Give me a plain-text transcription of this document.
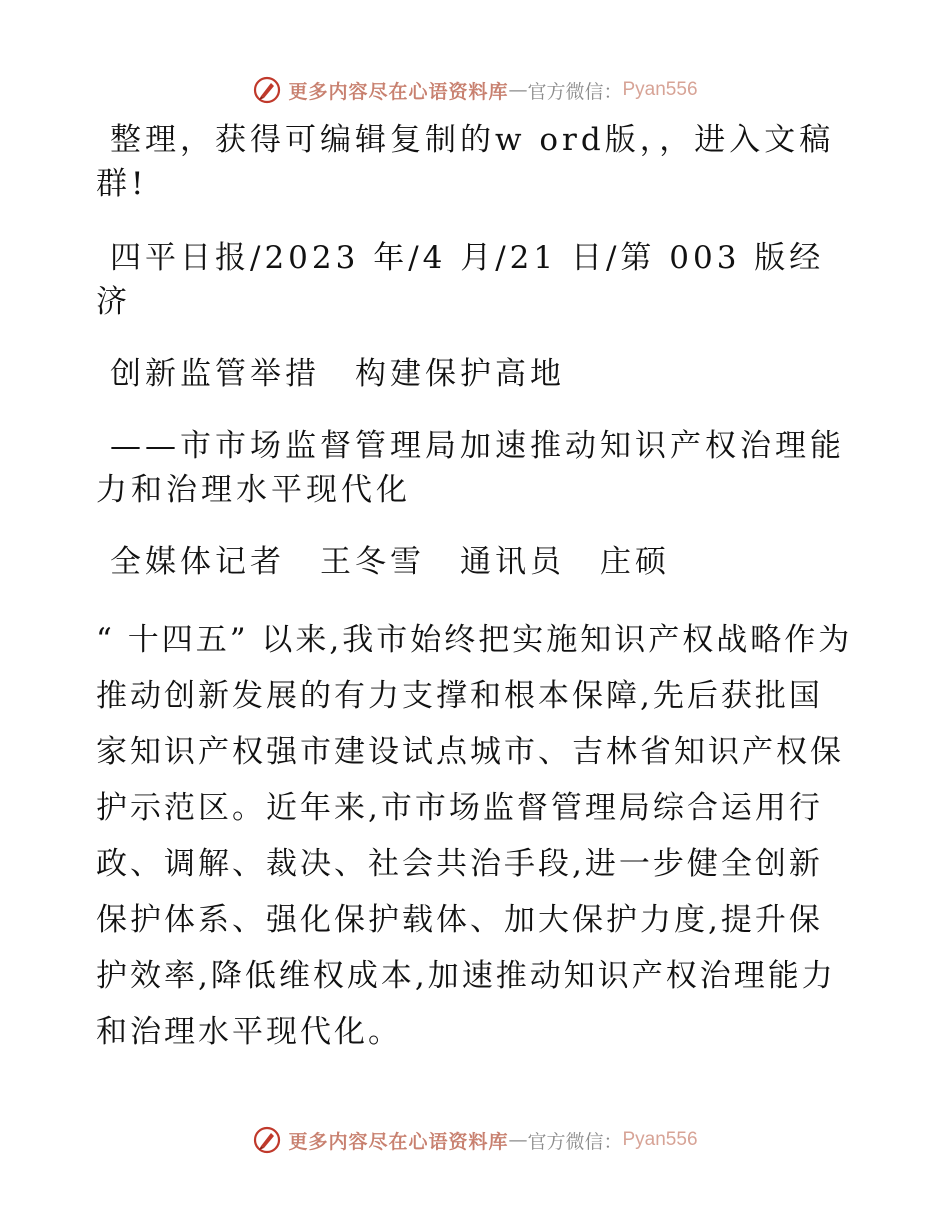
更多内容尽在心语资料库 — 官方微信： Pyan556

整理，获得可编辑复制的w ord版，，进入文稿群!

四平日报/2023 年/4 月/21 日/第 003 版经济

创新监管举措　构建保护高地

——市市场监督管理局加速推动知识产权治理能力和治理水平现代化

全媒体记者　王冬雪　通讯员　庄硕

“ 十四五” 以来,我市始终把实施知识产权战略作为推动创新发展的有力支撑和根本保障,先后获批国家知识产权强市建设试点城市、吉林省知识产权保护示范区。近年来,市市场监督管理局综合运用行政、调解、裁决、社会共治手段,进一步健全创新保护体系、强化保护载体、加大保护力度,提升保护效率,降低维权成本,加速推动知识产权治理能力和治理水平现代化。

更多内容尽在心语资料库 — 官方微信： Pyan556
